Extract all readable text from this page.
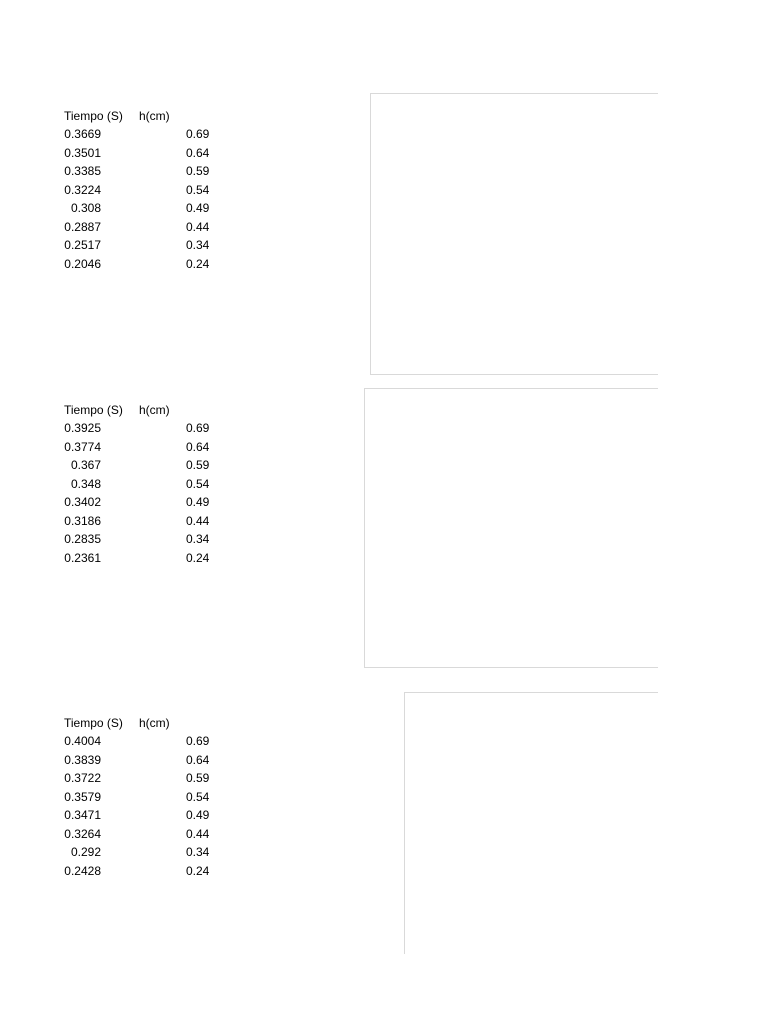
Tiempo (S) h(cm)
0.3669	0.69
0.3501	0.64
0.3385	0.59
0.3224	0.54
0.308	0.49
0.2887	0.44
0.2517	0.34
0.2046	0.24
Tiempo (S) h(cm)
0.3925	0.69
0.3774	0.64
0.367	0.59
0.348	0.54
0.3402	0.49
0.3186	0.44
0.2835	0.34
0.2361	0.24
Tiempo (S) h(cm)
0.4004	0.69
0.3839	0.64
0.3722	0.59
0.3579	0.54
0.3471	0.49
0.3264	0.44
0.292	0.34
0.2428	0.24
